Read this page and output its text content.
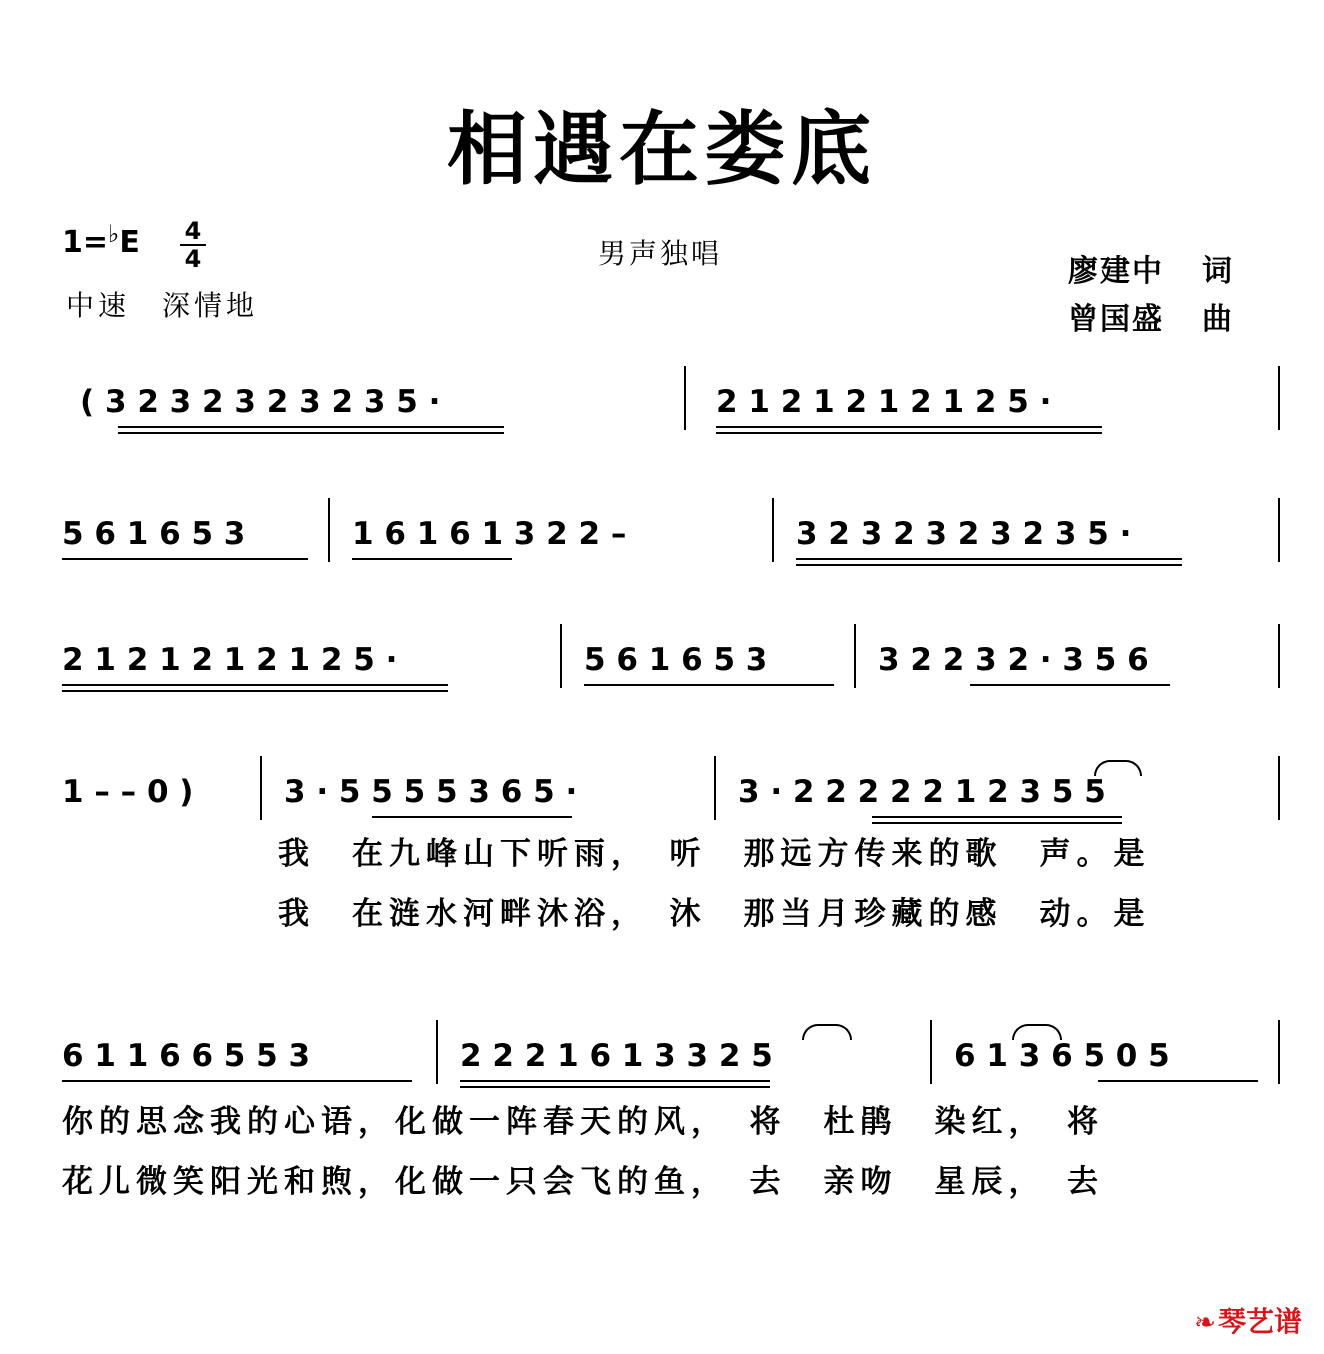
相遇在娄底
1=♭E 4
4
中速　深情地
男声独唱
廖建中 词
曾国盛 曲
( 3 2 3 2 3 2 3 2 3 5 ·	2 1 2 1 2 1 2 1 2 5 ·
5 6 1 6 5 3	1 6 1 6 1 3 2 2 –	3 2 3 2 3 2 3 2 3 5 ·
2 1 2 1 2 1 2 1 2 5 ·	5 6 1 6 5 3	3 2 2 3 2 · 3 5 6
1 – – 0 )	3 · 5 5 5 5 3 6 5 ·	3 · 2 2 2 2 2 1 2 3 5 5
我　在九峰山下听雨，　听　那远方传来的歌　声。是
我　在涟水河畔沐浴，　沐　那当月珍藏的感　动。是
6 1 1 6 6 5 5 3	2 2 2 1 6 1 3 3 2 5	6 1 3 6 5 0 5
你的思念我的心语，化做一阵春天的风，　将　杜鹃　染红，　将
花儿微笑阳光和煦，化做一只会飞的鱼，　去　亲吻　星辰，　去
❧琴艺谱
